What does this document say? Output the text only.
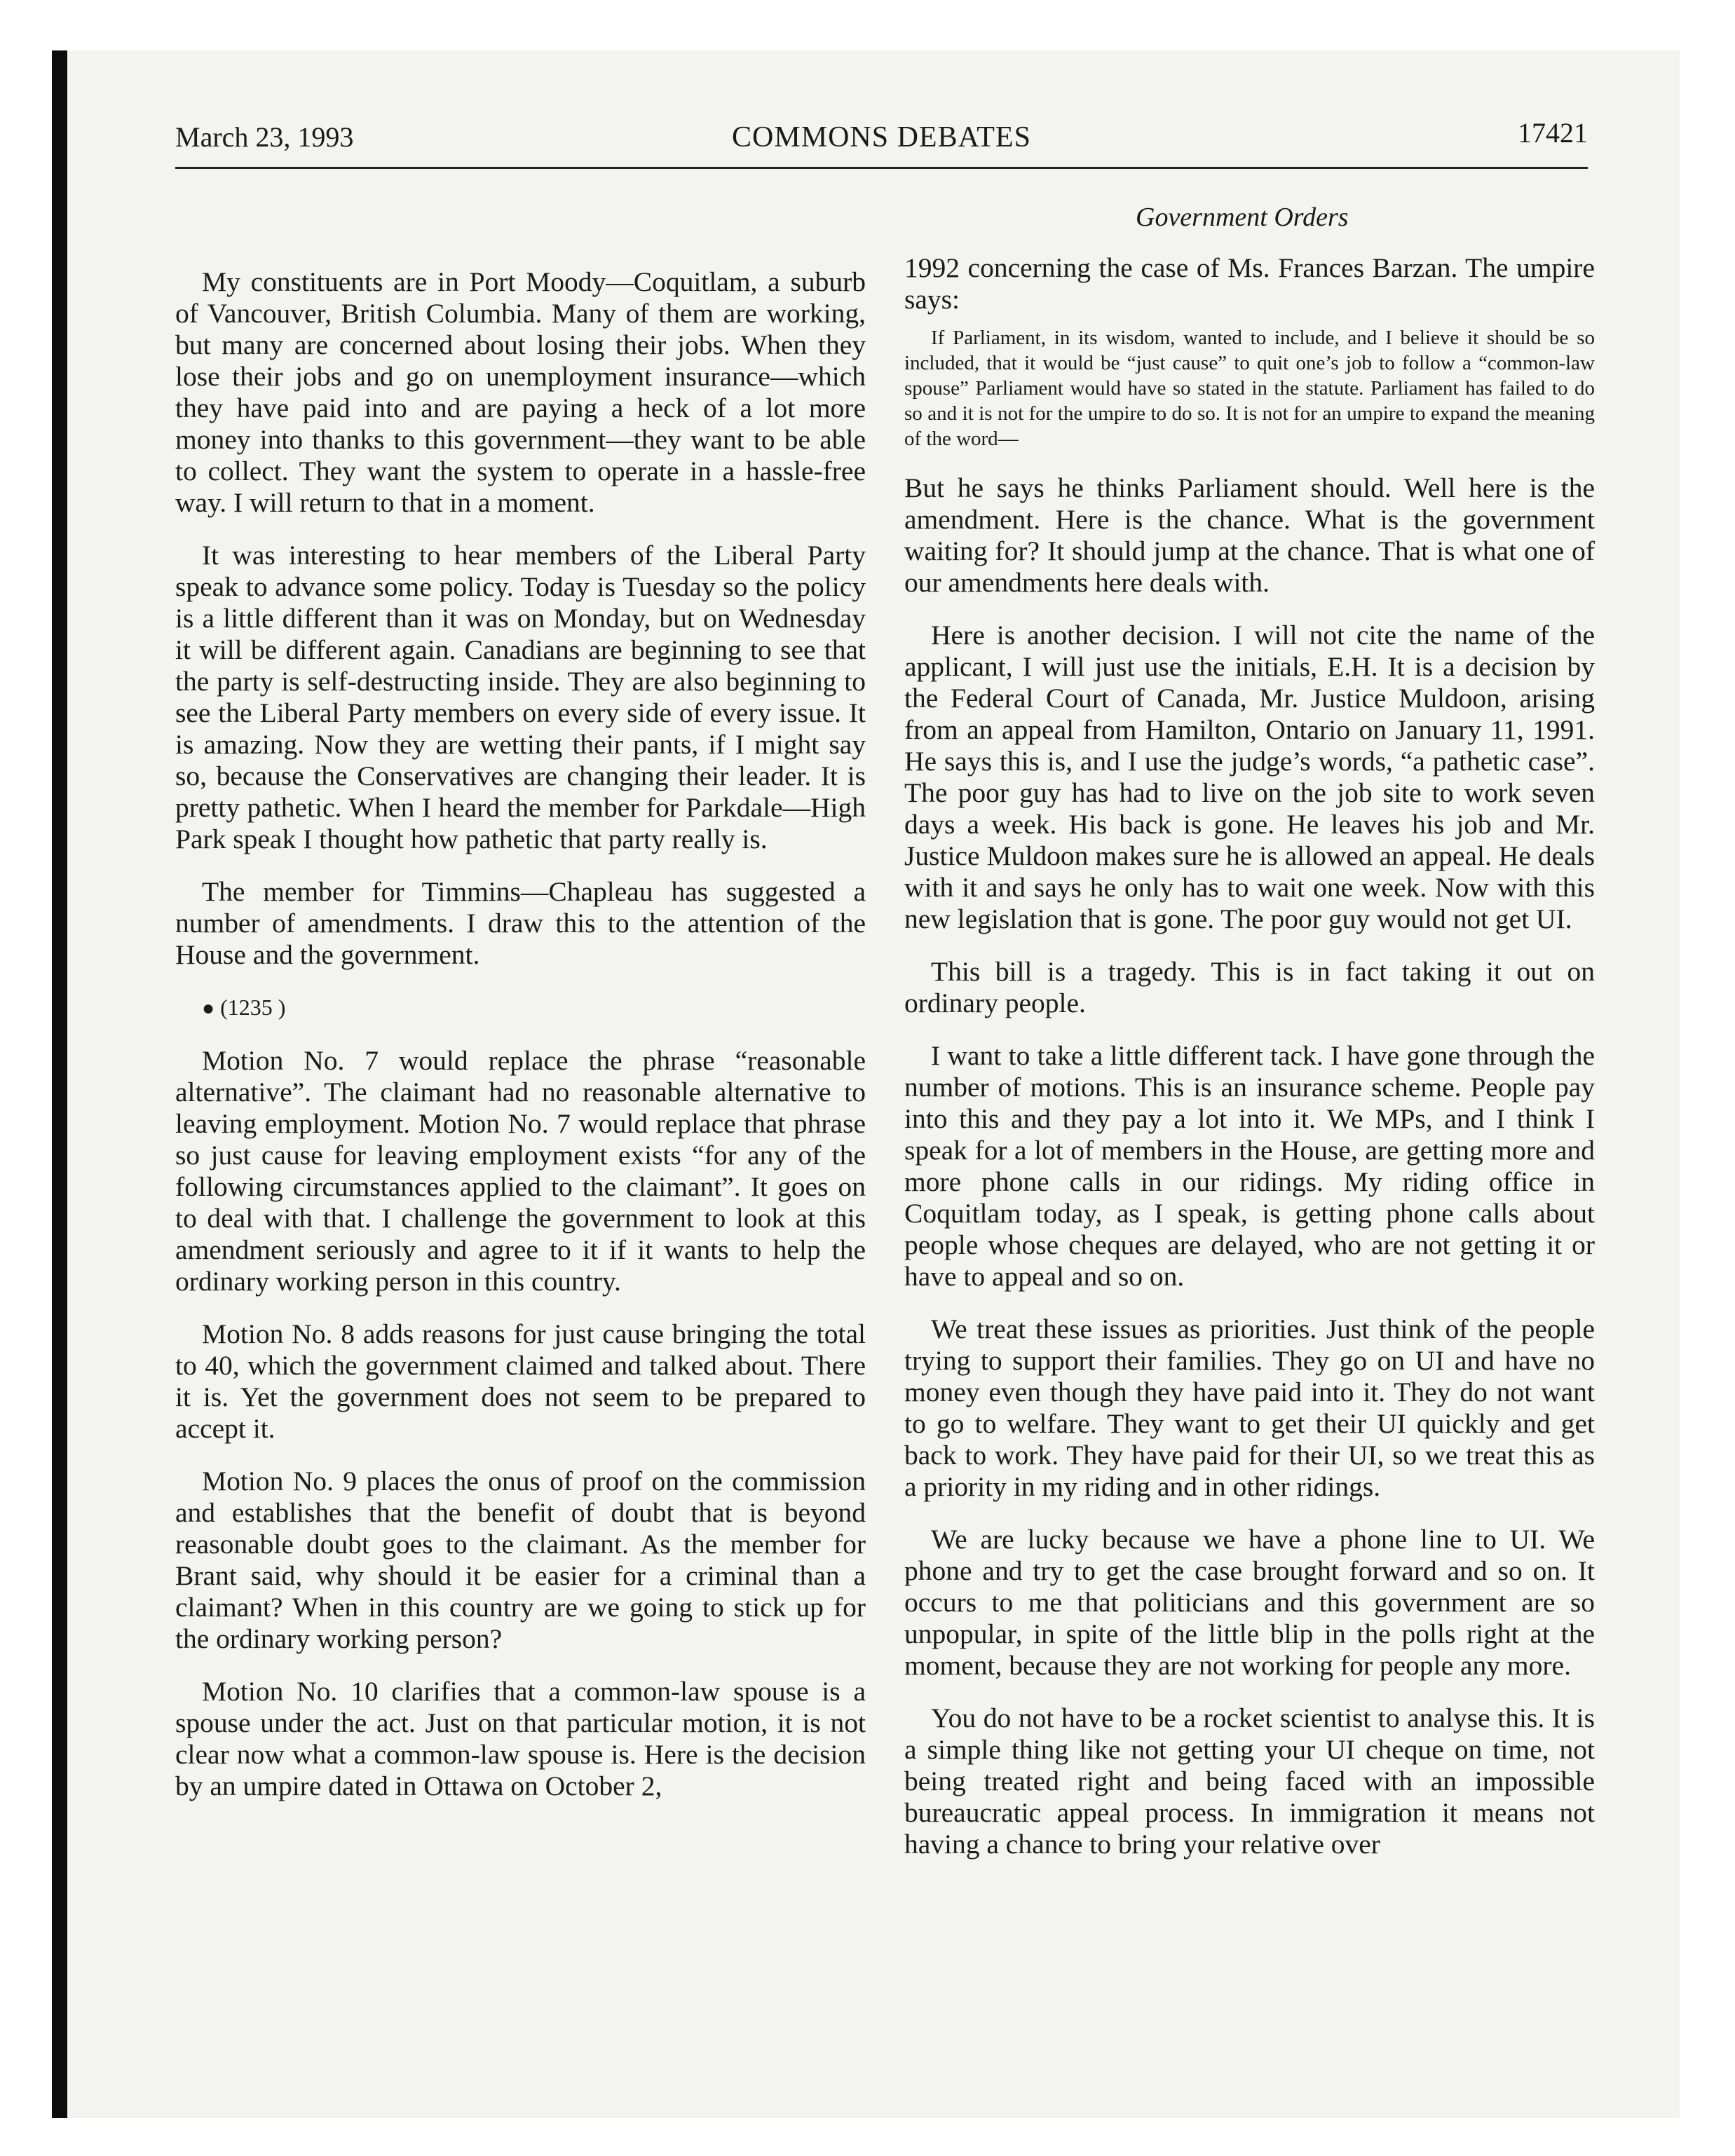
March 23, 1993	COMMONS DEBATES	17421
Government Orders

My constituents are in Port Moody—Coquitlam, a suburb of Vancouver, British Columbia. Many of them are working, but many are concerned about losing their jobs. When they lose their jobs and go on unemployment insurance—which they have paid into and are paying a heck of a lot more money into thanks to this government—they want to be able to collect. They want the system to operate in a hassle-free way. I will return to that in a moment.

It was interesting to hear members of the Liberal Party speak to advance some policy. Today is Tuesday so the policy is a little different than it was on Monday, but on Wednesday it will be different again. Canadians are beginning to see that the party is self-destructing inside. They are also beginning to see the Liberal Party members on every side of every issue. It is amazing. Now they are wetting their pants, if I might say so, because the Conservatives are changing their leader. It is pretty pathetic. When I heard the member for Parkdale—High Park speak I thought how pathetic that party really is.

The member for Timmins—Chapleau has suggested a number of amendments. I draw this to the attention of the House and the government.

● (1235 )

Motion No. 7 would replace the phrase “reasonable alternative”. The claimant had no reasonable alternative to leaving employment. Motion No. 7 would replace that phrase so just cause for leaving employment exists “for any of the following circumstances applied to the claimant”. It goes on to deal with that. I challenge the government to look at this amendment seriously and agree to it if it wants to help the ordinary working person in this country.

Motion No. 8 adds reasons for just cause bringing the total to 40, which the government claimed and talked about. There it is. Yet the government does not seem to be prepared to accept it.

Motion No. 9 places the onus of proof on the commission and establishes that the benefit of doubt that is beyond reasonable doubt goes to the claimant. As the member for Brant said, why should it be easier for a criminal than a claimant? When in this country are we going to stick up for the ordinary working person?

Motion No. 10 clarifies that a common-law spouse is a spouse under the act. Just on that particular motion, it is not clear now what a common-law spouse is. Here is the decision by an umpire dated in Ottawa on October 2,

1992 concerning the case of Ms. Frances Barzan. The umpire says:

If Parliament, in its wisdom, wanted to include, and I believe it should be so included, that it would be “just cause” to quit one’s job to follow a “common-law spouse” Parliament would have so stated in the statute. Parliament has failed to do so and it is not for the umpire to do so. It is not for an umpire to expand the meaning of the word—

But he says he thinks Parliament should. Well here is the amendment. Here is the chance. What is the government waiting for? It should jump at the chance. That is what one of our amendments here deals with.

Here is another decision. I will not cite the name of the applicant, I will just use the initials, E.H. It is a decision by the Federal Court of Canada, Mr. Justice Muldoon, arising from an appeal from Hamilton, Ontario on January 11, 1991. He says this is, and I use the judge’s words, “a pathetic case”. The poor guy has had to live on the job site to work seven days a week. His back is gone. He leaves his job and Mr. Justice Muldoon makes sure he is allowed an appeal. He deals with it and says he only has to wait one week. Now with this new legislation that is gone. The poor guy would not get UI.

This bill is a tragedy. This is in fact taking it out on ordinary people.

I want to take a little different tack. I have gone through the number of motions. This is an insurance scheme. People pay into this and they pay a lot into it. We MPs, and I think I speak for a lot of members in the House, are getting more and more phone calls in our ridings. My riding office in Coquitlam today, as I speak, is getting phone calls about people whose cheques are delayed, who are not getting it or have to appeal and so on.

We treat these issues as priorities. Just think of the people trying to support their families. They go on UI and have no money even though they have paid into it. They do not want to go to welfare. They want to get their UI quickly and get back to work. They have paid for their UI, so we treat this as a priority in my riding and in other ridings.

We are lucky because we have a phone line to UI. We phone and try to get the case brought forward and so on. It occurs to me that politicians and this government are so unpopular, in spite of the little blip in the polls right at the moment, because they are not working for people any more.

You do not have to be a rocket scientist to analyse this. It is a simple thing like not getting your UI cheque on time, not being treated right and being faced with an impossible bureaucratic appeal process. In immigration it means not having a chance to bring your relative over
